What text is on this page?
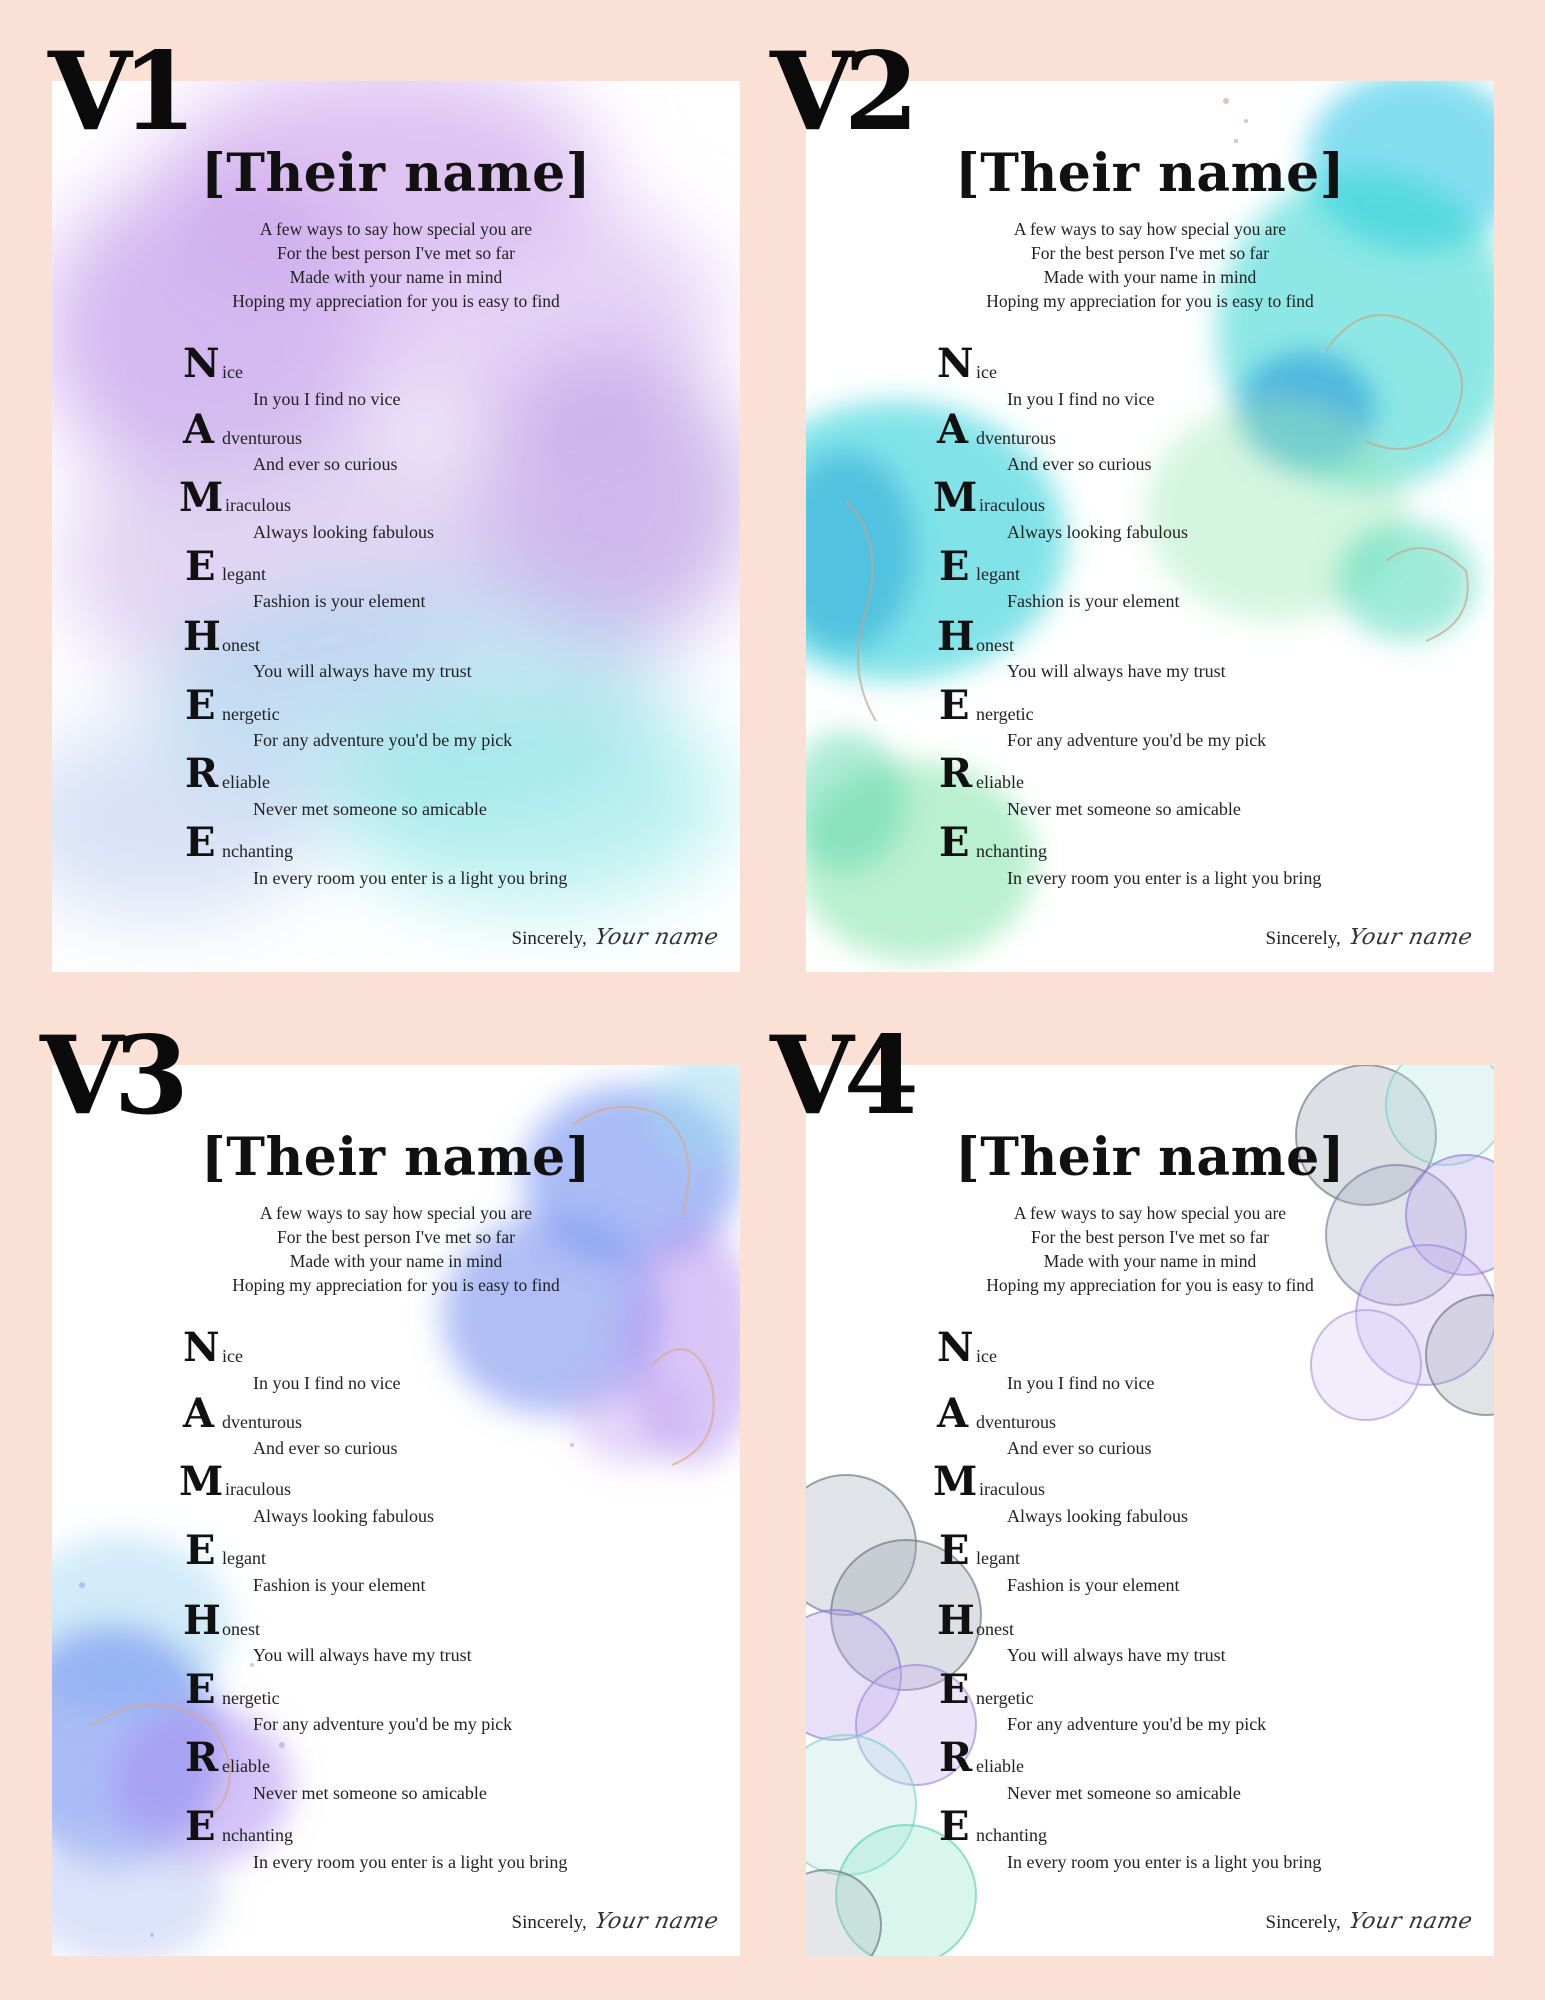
V1
[Their name]
A few ways to say how special you are
For the best person I've met so far
Made with your name in mind
Hoping my appreciation for you is easy to find
N ice
In you I find no vice
A dventurous
And ever so curious
M iraculous
Always looking fabulous
E legant
Fashion is your element
H onest
You will always have my trust
E nergetic
For any adventure you'd be my pick
R eliable
Never met someone so amicable
E nchanting
In every room you enter is a light you bring
Sincerely, Your name
V2
[Their name]
A few ways to say how special you are
For the best person I've met so far
Made with your name in mind
Hoping my appreciation for you is easy to find
N ice
In you I find no vice
A dventurous
And ever so curious
M iraculous
Always looking fabulous
E legant
Fashion is your element
H onest
You will always have my trust
E nergetic
For any adventure you'd be my pick
R eliable
Never met someone so amicable
E nchanting
In every room you enter is a light you bring
Sincerely, Your name
V3
[Their name]
A few ways to say how special you are
For the best person I've met so far
Made with your name in mind
Hoping my appreciation for you is easy to find
N ice
In you I find no vice
A dventurous
And ever so curious
M iraculous
Always looking fabulous
E legant
Fashion is your element
H onest
You will always have my trust
E nergetic
For any adventure you'd be my pick
R eliable
Never met someone so amicable
E nchanting
In every room you enter is a light you bring
Sincerely, Your name
V4
[Their name]
A few ways to say how special you are
For the best person I've met so far
Made with your name in mind
Hoping my appreciation for you is easy to find
N ice
In you I find no vice
A dventurous
And ever so curious
M iraculous
Always looking fabulous
E legant
Fashion is your element
H onest
You will always have my trust
E nergetic
For any adventure you'd be my pick
R eliable
Never met someone so amicable
E nchanting
In every room you enter is a light you bring
Sincerely, Your name
